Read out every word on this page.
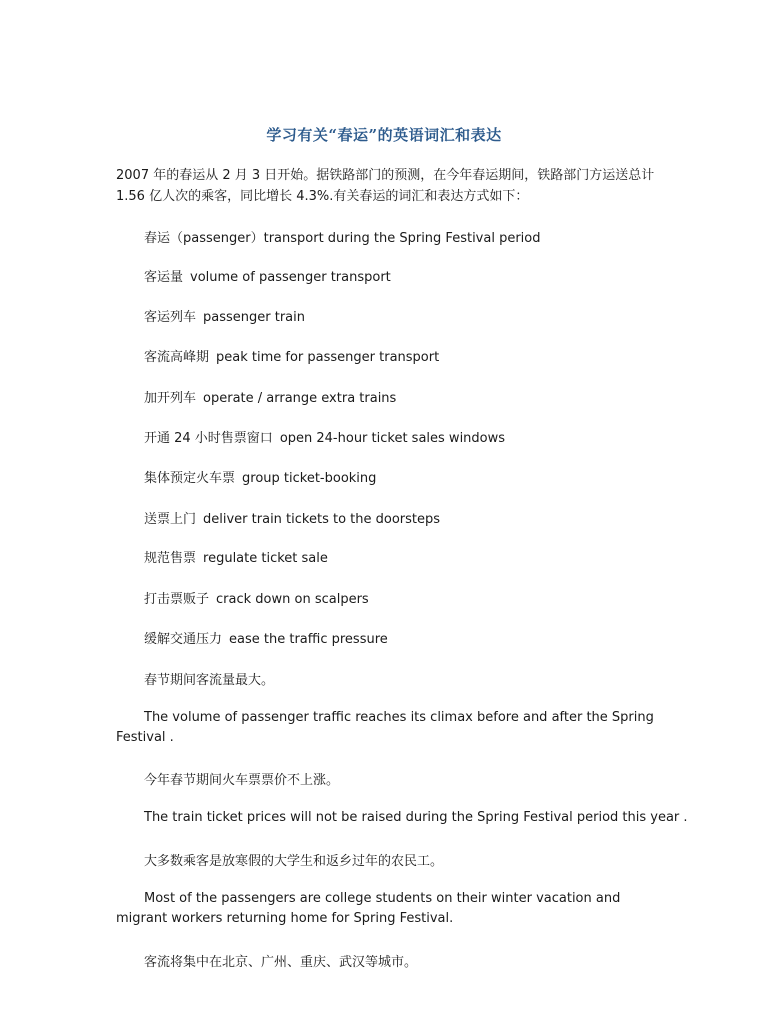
学习有关“春运”的英语词汇和表达
2007 年的春运从 2 月 3 日开始。据铁路部门的预测，在今年春运期间，铁路部门方运送总计 1.56 亿人次的乘客，同比增长 4.3%.有关春运的词汇和表达方式如下：
春运（passenger）transport during the Spring Festival period
客运量 volume of passenger transport
客运列车 passenger train
客流高峰期 peak time for passenger transport
加开列车 operate / arrange extra trains
开通 24 小时售票窗口 open 24-hour ticket sales windows
集体预定火车票 group ticket-booking
送票上门 deliver train tickets to the doorsteps
规范售票 regulate ticket sale
打击票贩子 crack down on scalpers
缓解交通压力 ease the traffic pressure
春节期间客流量最大。
The volume of passenger traffic reaches its climax before and after the Spring Festival .
今年春节期间火车票票价不上涨。
The train ticket prices will not be raised during the Spring Festival period this year .
大多数乘客是放寒假的大学生和返乡过年的农民工。
Most of the passengers are college students on their winter vacation and migrant workers returning home for Spring Festival.
客流将集中在北京、广州、重庆、武汉等城市。
